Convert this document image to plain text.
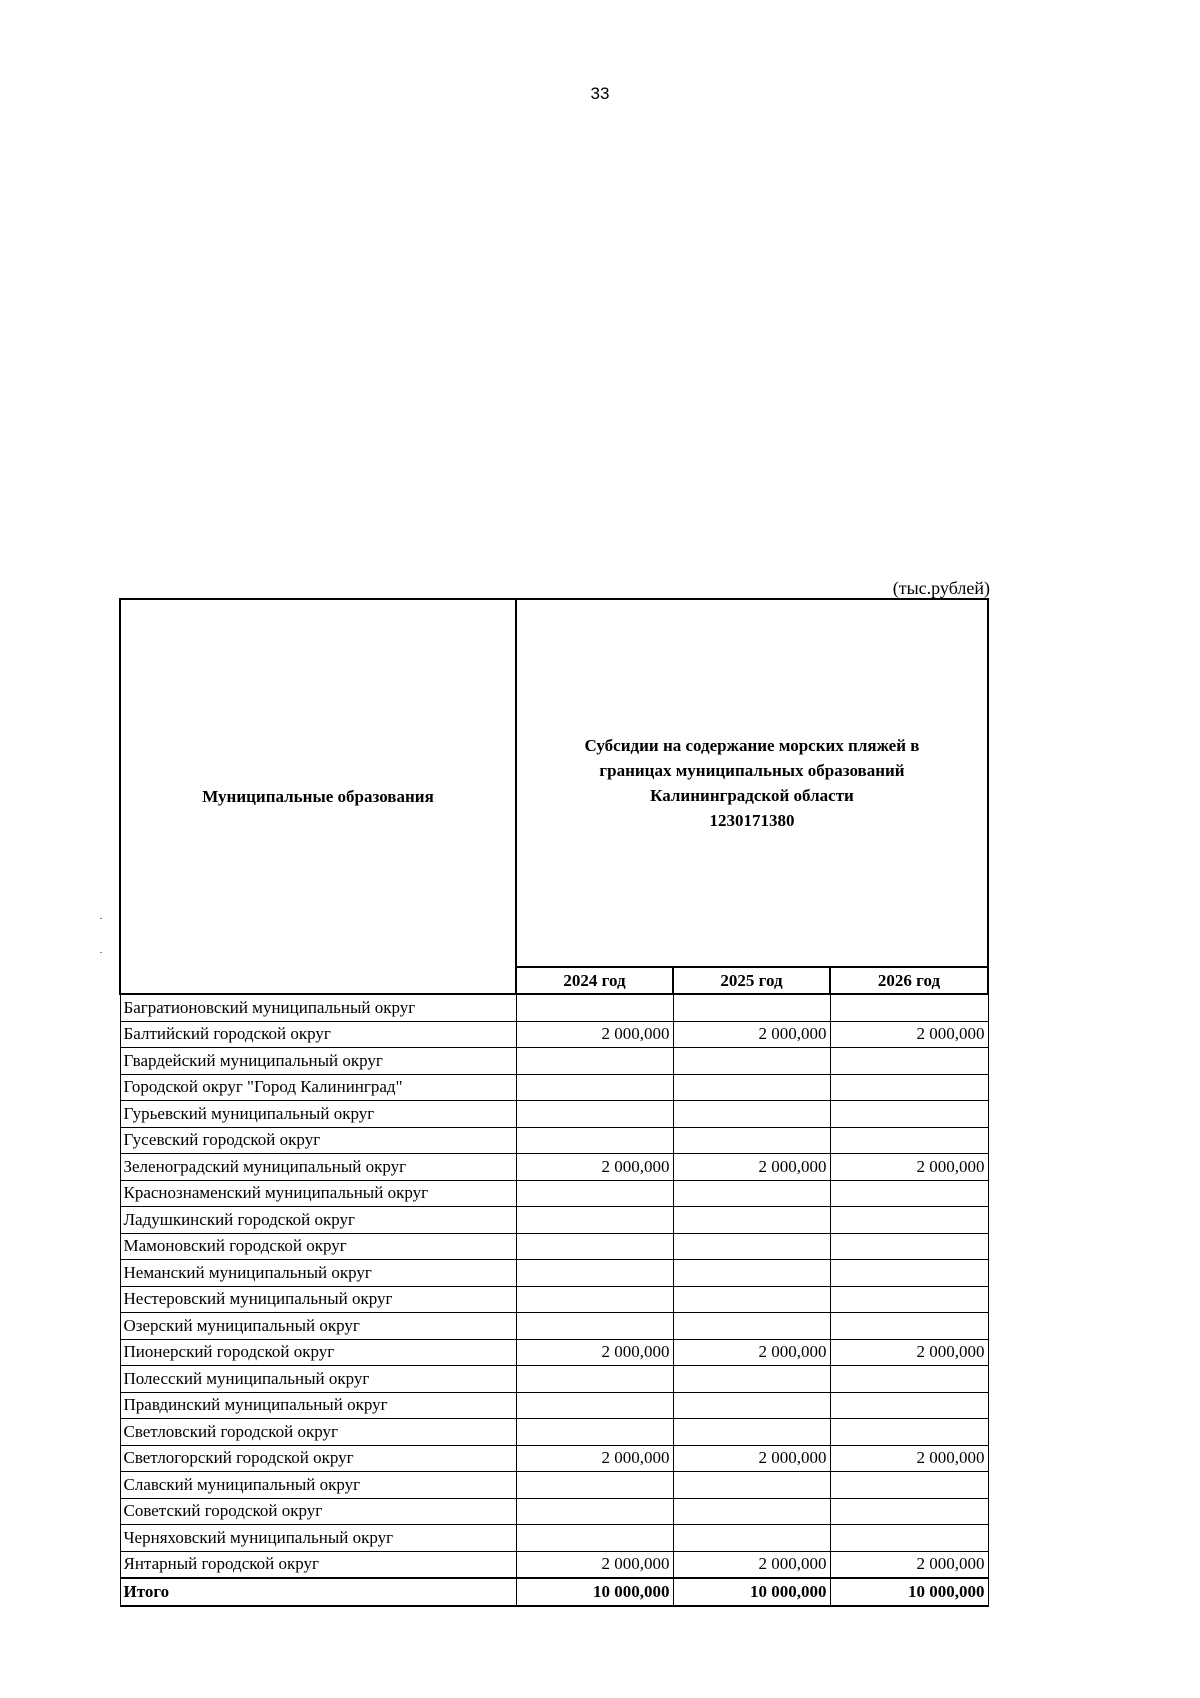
33
(тыс.рублей)
Муниципальные образования	Субсидии на содержание морских пляжей в
границах муниципальных образований
Калининградской области
1230171380		
	2024 год	2025 год	2026 год
Багратионовский муниципальный округ			
Балтийский городской округ	2 000,000	2 000,000	2 000,000
Гвардейский муниципальный округ			
Городской округ "Город Калининград"			
Гурьевский муниципальный округ			
Гусевский городской округ			
Зеленоградский муниципальный округ	2 000,000	2 000,000	2 000,000
Краснознаменский муниципальный округ			
Ладушкинский городской округ			
Мамоновский городской округ			
Неманский муниципальный округ			
Нестеровский муниципальный округ			
Озерский муниципальный округ			
Пионерский городской округ	2 000,000	2 000,000	2 000,000
Полесский муниципальный округ			
Правдинский муниципальный округ			
Светловский городской округ			
Светлогорский городской округ	2 000,000	2 000,000	2 000,000
Славский муниципальный округ			
Советский городской округ			
Черняховский муниципальный округ			
Янтарный городской округ	2 000,000	2 000,000	2 000,000
Итого	10 000,000	10 000,000	10 000,000
